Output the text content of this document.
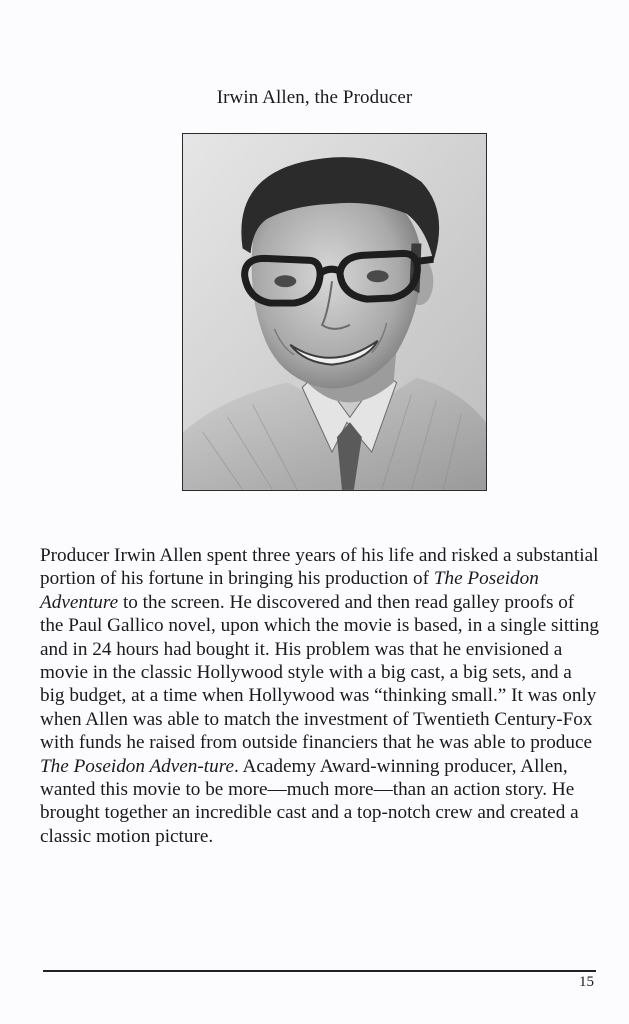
Irwin Allen, the Producer

Producer Irwin Allen spent three years of his life and risked a substantial portion of his fortune in bringing his production of The Poseidon Adventure to the screen. He discovered and then read galley proofs of the Paul Gallico novel, upon which the movie is based, in a single sitting and in 24 hours had bought it. His problem was that he envisioned a movie in the classic Hollywood style with a big cast, a big sets, and a big budget, at a time when Hollywood was “thinking small.” It was only when Allen was able to match the investment of Twentieth Century-Fox with funds he raised from outside financiers that he was able to produce The Poseidon Adven-ture. Academy Award-winning producer, Allen, wanted this movie to be more—much more—than an action story. He brought together an incredible cast and a top-notch crew and created a classic motion picture.

15
